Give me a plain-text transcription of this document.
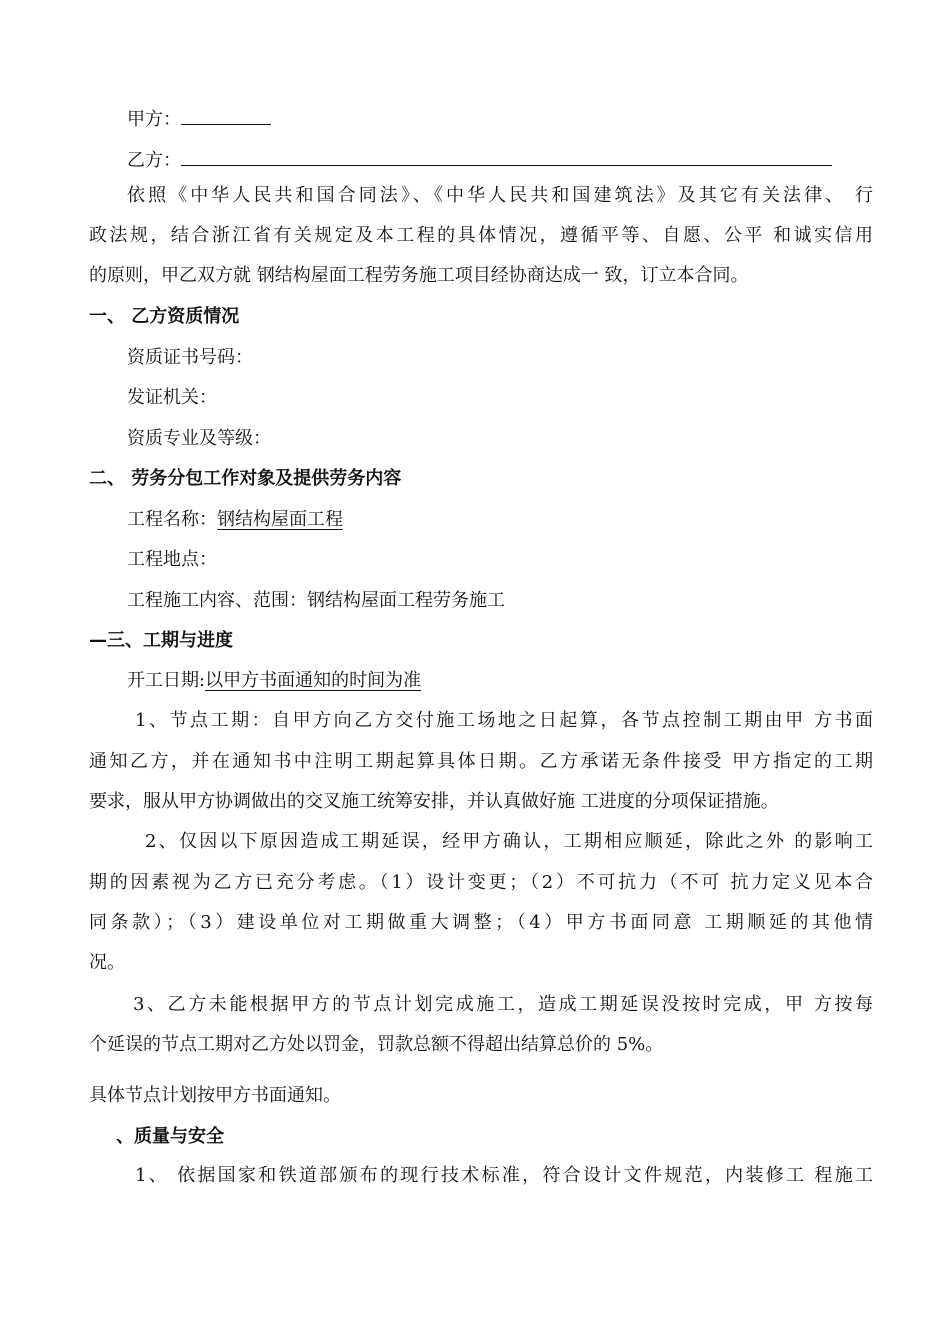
甲方：
乙方：
依照《中华人民共和国合同法》、《中华人民共和国建筑法》及其它有关法律、 行
政法规，结合浙江省有关规定及本工程的具体情况，遵循平等、自愿、公平 和诚实信用
的原则，甲乙双方就 钢结构屋面工程劳务施工项目经协商达成一 致，订立本合同。
一、 乙方资质情况
资质证书号码：
发证机关：
资质专业及等级：
二、 劳务分包工作对象及提供劳务内容
工程名称：钢结构屋面工程
工程地点：
工程施工内容、范围：钢结构屋面工程劳务施工
—三、工期与进度
开工日期:以甲方书面通知的时间为准
1、节点工期：自甲方向乙方交付施工场地之日起算，各节点控制工期由甲 方书面
通知乙方，并在通知书中注明工期起算具体日期。乙方承诺无条件接受 甲方指定的工期
要求，服从甲方协调做出的交叉施工统筹安排，并认真做好施 工进度的分项保证措施。
2、仅因以下原因造成工期延误，经甲方确认，工期相应顺延，除此之外 的影响工
期的因素视为乙方已充分考虑。（1）设计变更；（2）不可抗力（不可 抗力定义见本合
同条款）；（3）建设单位对工期做重大调整；（4）甲方书面同意 工期顺延的其他情
况。
3、乙方未能根据甲方的节点计划完成施工，造成工期延误没按时完成，甲 方按每
个延误的节点工期对乙方处以罚金，罚款总额不得超出结算总价的 5%。
具体节点计划按甲方书面通知。
、质量与安全
1、 依据国家和铁道部颁布的现行技术标准，符合设计文件规范，内装修工 程施工
